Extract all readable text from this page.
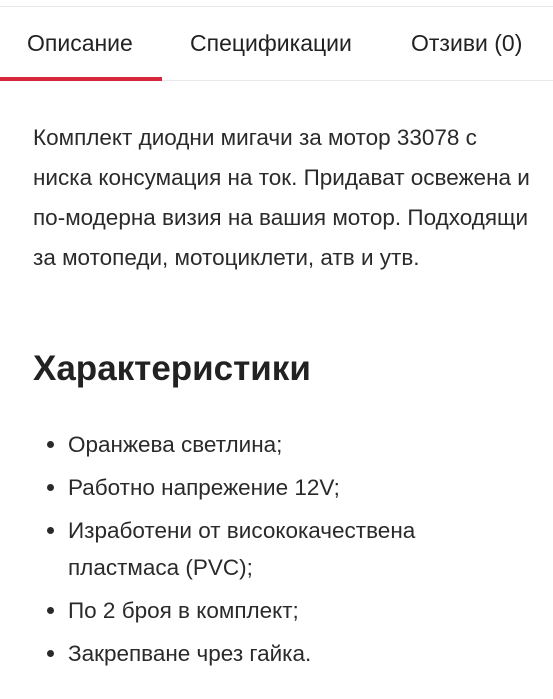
Описание Спецификации	Отзиви (0)

Комплект диодни мигачи за мотор 33078 с ниска консумация на ток. Придават освежена и по-модерна визия на вашия мотор. Подходящи за мотопеди, мотоциклети, атв и утв.

Характеристики
Оранжева светлина;
Работно напрежение 12V;
Изработени от висококачествена пластмаса (PVC);
По 2 броя в комплект;
Закрепване чрез гайка.
